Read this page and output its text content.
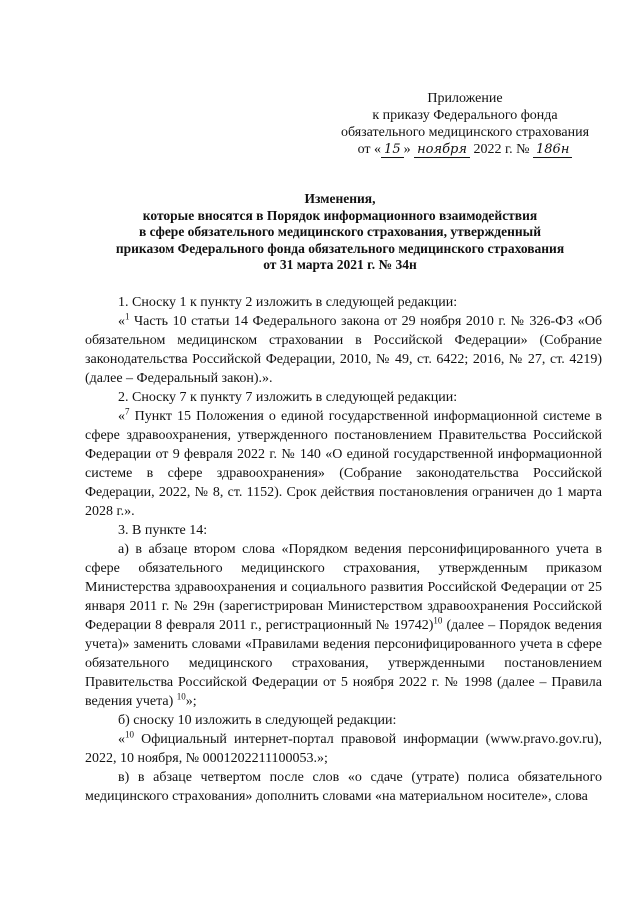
Приложение
к приказу Федерального фонда
обязательного медицинского страхования
от « 15 » ноября 2022 г. № 186н
Изменения,
которые вносятся в Порядок информационного взаимодействия
в сфере обязательного медицинского страхования, утвержденный
приказом Федерального фонда обязательного медицинского страхования
от 31 марта 2021 г. № 34н

1. Сноску 1 к пункту 2 изложить в следующей редакции:

«$^1$ Часть 10 статьи 14 Федерального закона от 29 ноября 2010 г. № 326-ФЗ «Об обязательном медицинском страховании в Российской Федерации» (Собрание законодательства Российской Федерации, 2010, № 49, ст. 6422; 2016, № 27, ст. 4219) (далее – Федеральный закон).».

2. Сноску 7 к пункту 7 изложить в следующей редакции:

«$^7$ Пункт 15 Положения о единой государственной информационной системе в сфере здравоохранения, утвержденного постановлением Правительства Российской Федерации от 9 февраля 2022 г. № 140 «О единой государственной информационной системе в сфере здравоохранения» (Собрание законодательства Российской Федерации, 2022, № 8, ст. 1152). Срок действия постановления ограничен до 1 марта 2028 г.».

3. В пункте 14:

а) в абзаце втором слова «Порядком ведения персонифицированного учета в сфере обязательного медицинского страхования, утвержденным приказом Министерства здравоохранения и социального развития Российской Федерации от 25 января 2011 г. № 29н (зарегистрирован Министерством здравоохранения Российской Федерации 8 февраля 2011 г., регистрационный № 19742)$^{10}$ (далее – Порядок ведения учета)» заменить словами «Правилами ведения персонифицированного учета в сфере обязательного медицинского страхования, утвержденными постановлением Правительства Российской Федерации от 5 ноября 2022 г. № 1998 (далее – Правила ведения учета) $^{10}$»;

б) сноску 10 изложить в следующей редакции:

«$^{10}$ Официальный интернет-портал правовой информации (www.pravo.gov.ru), 2022, 10 ноября, № 0001202211100053.»;

в) в абзаце четвертом после слов «о сдаче (утрате) полиса обязательного медицинского страхования» дополнить словами «на материальном носителе», слова
